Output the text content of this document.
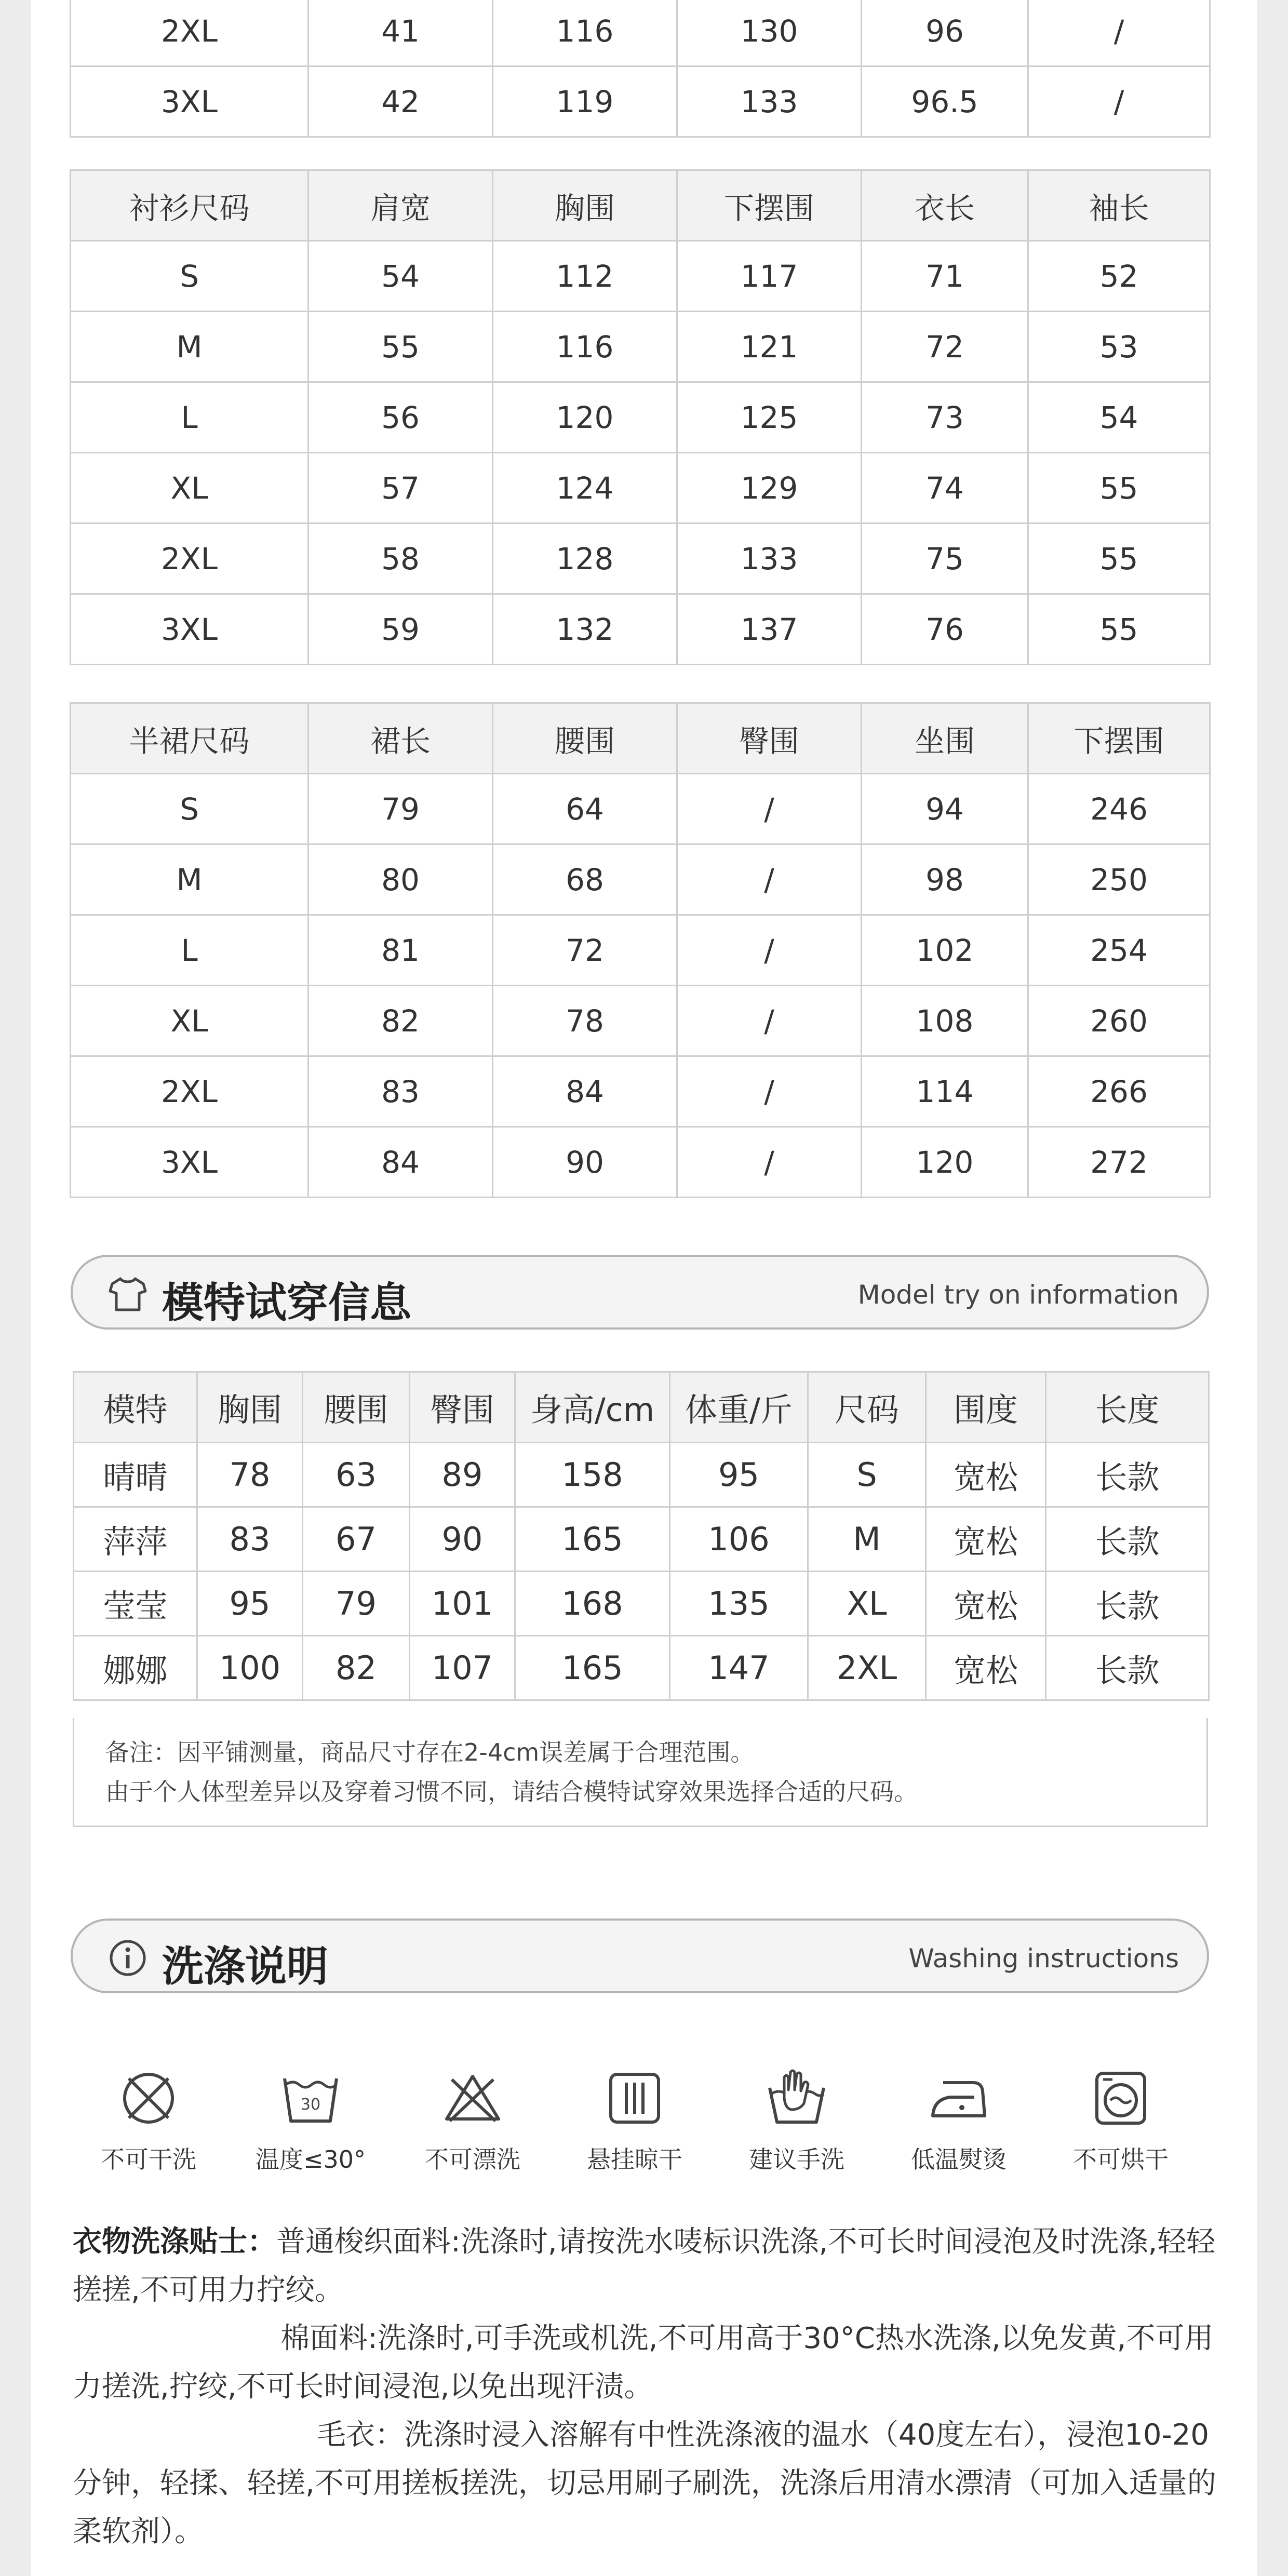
2XL	41	116	130	96	/
3XL	42	119	133	96.5	/
衬衫尺码	肩宽	胸围	下摆围	衣长	袖长
S	54	112	117	71	52
M	55	116	121	72	53
L	56	120	125	73	54
XL	57	124	129	74	55
2XL	58	128	133	75	55
3XL	59	132	137	76	55
半裙尺码	裙长	腰围	臀围	坐围	下摆围
S	79	64	/	94	246
M	80	68	/	98	250
L	81	72	/	102	254
XL	82	78	/	108	260
2XL	83	84	/	114	266
3XL	84	90	/	120	272
模特试穿信息	Model try on information
模特	胸围	腰围	臀围	身高/cm	体重/斤	尺码	围度	长度
晴晴	78	63	89	158	95	S	宽松	长款
萍萍	83	67	90	165	106	M	宽松	长款
莹莹	95	79	101	168	135	XL	宽松	长款
娜娜	100	82	107	165	147	2XL	宽松	长款
备注：因平铺测量，商品尺寸存在2-4cm误差属于合理范围。
由于个人体型差异以及穿着习惯不同，请结合模特试穿效果选择合适的尺码。
洗涤说明	Washing instructions
不可干洗
30
温度≤30°	不可漂洗	悬挂晾干	建议手洗	低温熨烫	不可烘干

衣物洗涤贴士：普通梭织面料:洗涤时,请按洗水唛标识洗涤,不可长时间浸泡及时洗涤,轻轻搓搓,不可用力拧绞。

棉面料:洗涤时,可手洗或机洗,不可用高于30°C热水洗涤,以免发黄,不可用力搓洗,拧绞,不可长时间浸泡,以免出现汗渍。

毛衣：洗涤时浸入溶解有中性洗涤液的温水（40度左右），浸泡10-20分钟，轻揉、轻搓,不可用搓板搓洗，切忌用刷子刷洗，洗涤后用清水漂清（可加入适量的柔软剂）。
